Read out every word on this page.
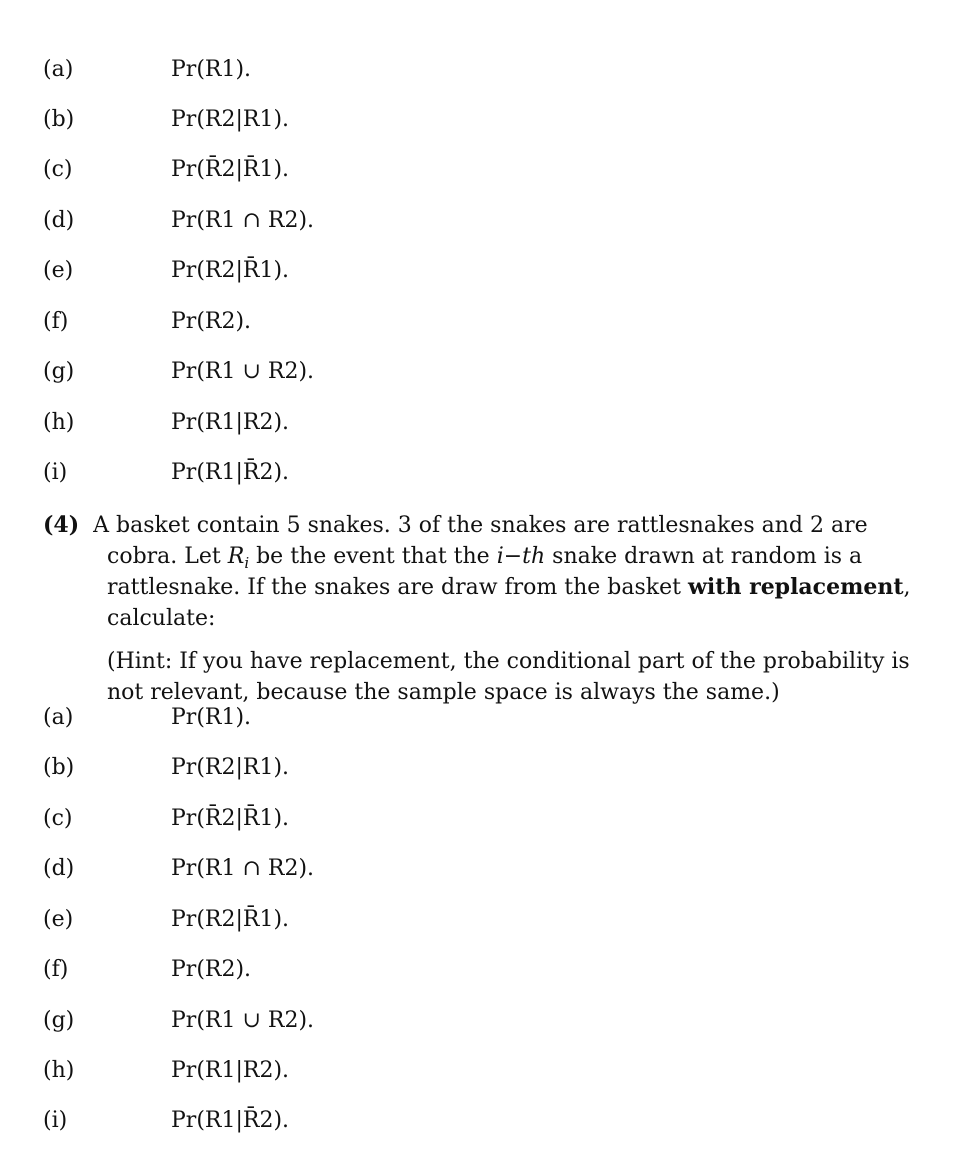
(a)	Pr(R1).
(b)	Pr(R2|R1).
(c)	Pr(R̄2|R̄1).
(d)	Pr(R1 ∩ R2).
(e)	Pr(R2|R̄1).
(f)	Pr(R2).
(g)	Pr(R1 ∪ R2).
(h)	Pr(R1|R2).
(i)	Pr(R1|R̄2).

(4) A basket contain 5 snakes. 3 of the snakes are rattlesnakes and 2 are cobra. Let $R_i$ be the event that the i−th snake drawn at random is a rattlesnake. If the snakes are draw from the basket with replacement, calculate:

(Hint: If you have replacement, the conditional part of the probability is not relevant, because the sample space is always the same.)

(a)	Pr(R1).
(b)	Pr(R2|R1).
(c)	Pr(R̄2|R̄1).
(d)	Pr(R1 ∩ R2).
(e)	Pr(R2|R̄1).
(f)	Pr(R2).
(g)	Pr(R1 ∪ R2).
(h)	Pr(R1|R2).
(i)	Pr(R1|R̄2).
